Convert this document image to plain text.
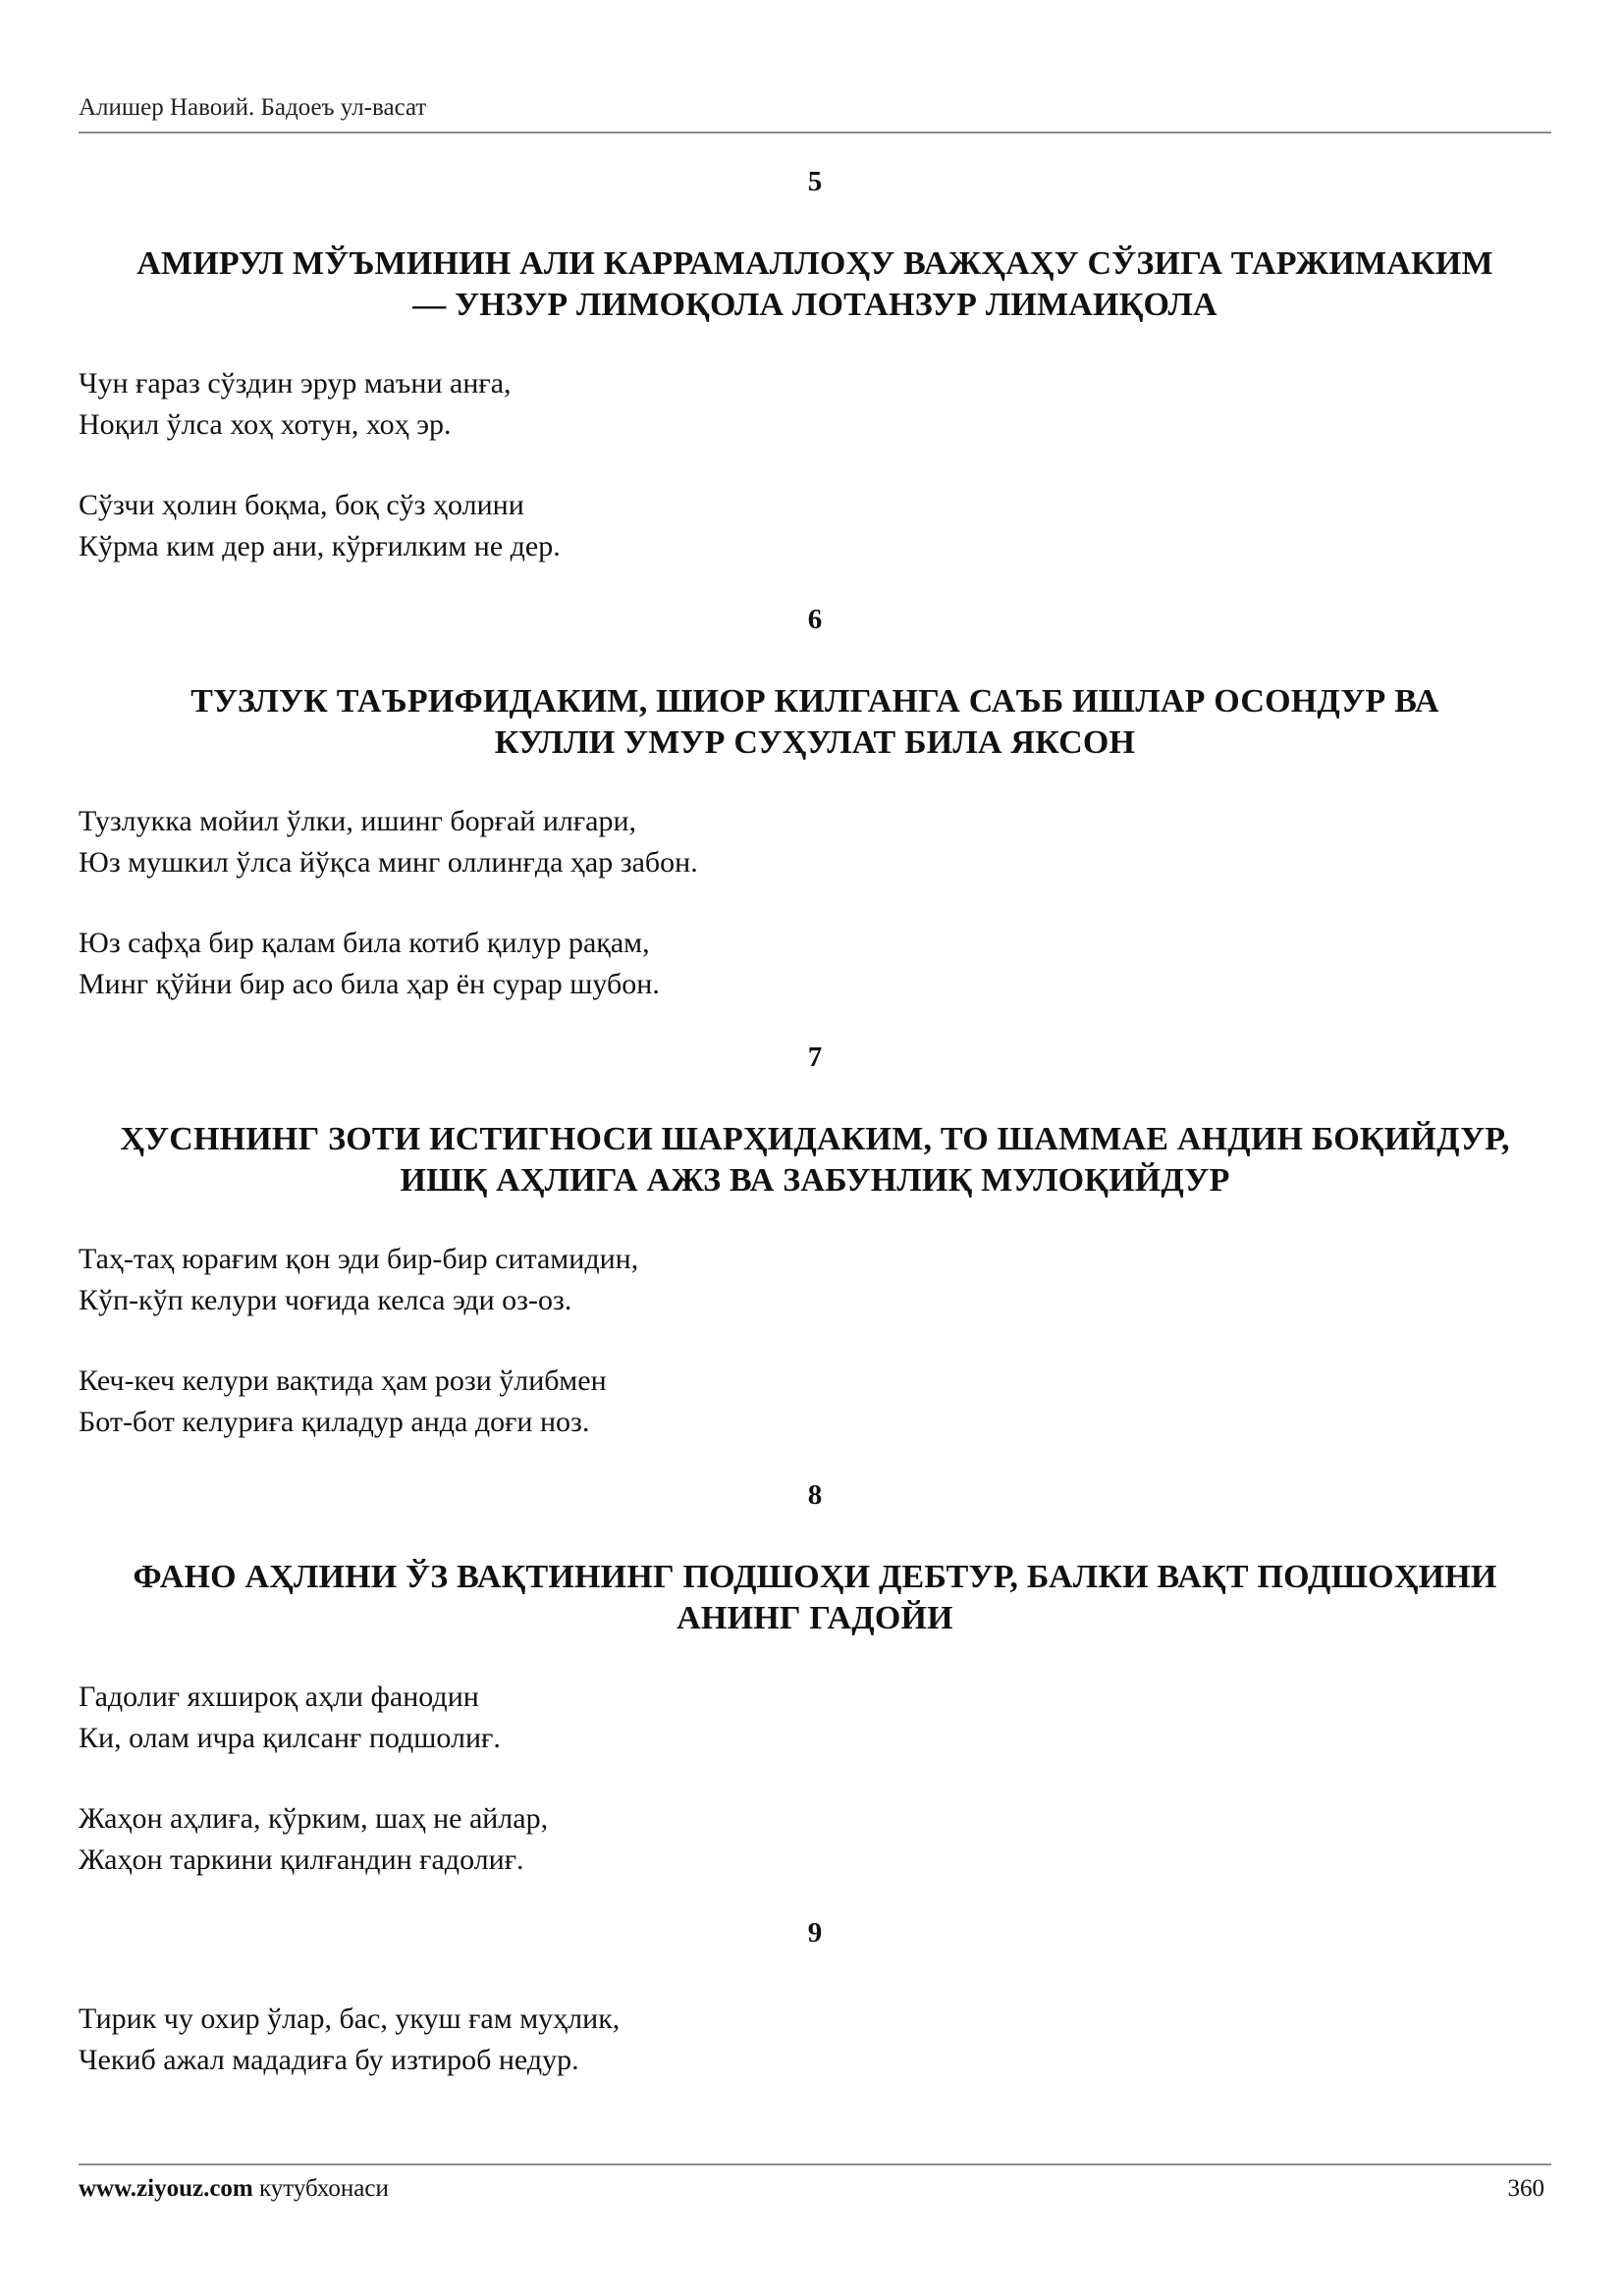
Алишер Навоий. Бадоеъ ул-васат
5
АМИРУЛ МЎЪМИНИН АЛИ КАРРАМАЛЛОҲУ ВАЖҲАҲУ СЎЗИГА ТАРЖИМАКИМ
— УНЗУР ЛИМОҚОЛА ЛОТАНЗУР ЛИМАИҚОЛА
Чун ғараз сўздин эрур маъни анға,
Ноқил ўлса хоҳ хотун, хоҳ эр.
Сўзчи ҳолин боқма, боқ сўз ҳолини
Кўрма ким дер ани, кўрғилким не дер.
6
ТУЗЛУК ТАЪРИФИДАКИМ, ШИОР КИЛГАНГА САЪБ ИШЛАР ОСОНДУР ВА
КУЛЛИ УМУР СУҲУЛАТ БИЛА ЯКСОН
Тузлукка мойил ўлки, ишинг борғай илғари,
Юз мушкил ўлса йўқса минг оллинғда ҳар забон.
Юз сафҳа бир қалам била котиб қилур рақам,
Минг қўйни бир асо била ҳар ён сурар шубон.
7
ҲУСННИНГ ЗОТИ ИСТИГНОСИ ШАРҲИДАКИМ, ТО ШАММАЕ АНДИН БОҚИЙДУР,
ИШҚ АҲЛИГА АЖЗ ВА ЗАБУНЛИҚ МУЛОҚИЙДУР
Таҳ-таҳ юрағим қон эди бир-бир ситамидин,
Кўп-кўп келури чоғида келса эди оз-оз.
Кеч-кеч келури вақтида ҳам рози ўлибмен
Бот-бот келуриға қиладур анда доғи ноз.
8
ФАНО АҲЛИНИ ЎЗ ВАҚТИНИНГ ПОДШОҲИ ДЕБТУР, БАЛКИ ВАҚТ ПОДШОҲИНИ
АНИНГ ГАДОЙИ
Гадолиғ яхшироқ аҳли фанодин
Ки, олам ичра қилсанғ подшолиғ.
Жаҳон аҳлиға, кўрким, шаҳ не айлар,
Жаҳон таркини қилғандин ғадолиғ.
9
Тирик чу охир ўлар, бас, укуш ғам муҳлик,
Чекиб ажал мададиға бу изтироб недур.
www.ziyouz.com кутубхонаси	360
